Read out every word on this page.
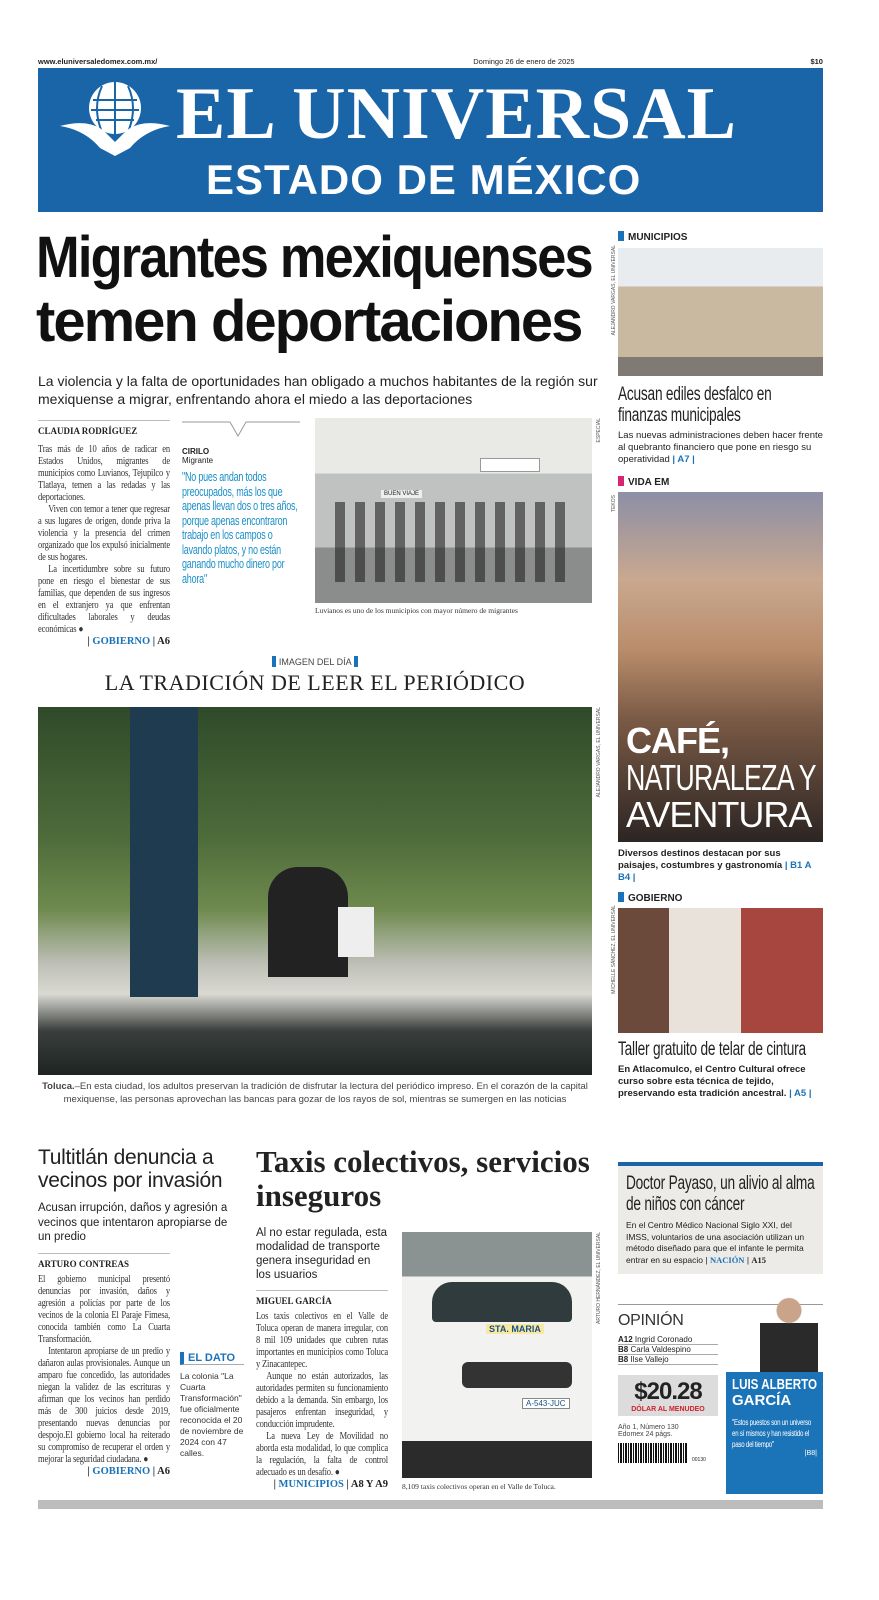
www.eluniversaledomex.com.mx/	Domingo 26 de enero de 2025	$10
EL UNIVERSAL
ESTADO DE MÉXICO
Migrantes mexiquenses
temen deportaciones
La violencia y la falta de oportunidades han obligado a muchos habitantes de la región sur mexiquense a migrar, enfrentando ahora el miedo a las deportaciones
CLAUDIA RODRÍGUEZ

Tras más de 10 años de radicar en Estados Unidos, migrantes de municipios como Luvianos, Tejupilco y Tlatlaya, temen a las redadas y las deportaciones.

Viven con temor a tener que regresar a sus lugares de origen, donde priva la violencia y la presencia del crimen organizado que los expulsó inicialmente de sus hogares.

La incertidumbre sobre su futuro pone en riesgo el bienestar de sus familias, que dependen de sus ingresos en el extranjero ya que enfrentan dificultades laborales y deudas económicas ●

| GOBIERNO | A6
CIRILO
Migrante
"No pues andan todos preocupados, más los que apenas llevan dos o tres años, porque apenas encontraron trabajo en los campos o lavando platos, y no están ganando mucho dinero por ahora"
BUEN VIAJE
ESPECIAL
Luvianos es uno de los municipios con mayor número de migrantes
IMAGEN DEL DÍA
LA TRADICIÓN DE LEER EL PERIÓDICO
ALEJANDRO VARGAS, EL UNIVERSAL
Toluca.–En esta ciudad, los adultos preservan la tradición de disfrutar la lectura del periódico impreso. En el corazón de la capital mexiquense, las personas aprovechan las bancas para gozar de los rayos de sol, mientras se sumergen en las noticias
Tultitlán denuncia a vecinos por invasión
Acusan irrupción, daños y agresión a vecinos que intentaron apropiarse de un predio
ARTURO CONTREAS

El gobierno municipal presentó denuncias por invasión, daños y agresión a policías por parte de los vecinos de la colonia El Paraje Fimesa, conocida también como La Cuarta Transformación.

Intentaron apropiarse de un predio y dañaron aulas provisionales. Aunque un amparo fue concedido, las autoridades niegan la validez de las escrituras y afirman que los vecinos han perdido más de 300 juicios desde 2019, presentando nuevas denuncias por despojo.El gobierno local ha reiterado su compromiso de recuperar el orden y mejorar la seguridad ciudadana. ●

| GOBIERNO | A6
EL DATO
La colonia "La Cuarta Transformación" fue oficialmente reconocida el 20 de noviembre de 2024 con 47 calles.
Taxis colectivos, servicios inseguros
Al no estar regulada, esta modalidad de transporte genera inseguridad en los usuarios
MIGUEL GARCÍA

Los taxis colectivos en el Valle de Toluca operan de manera irregular, con 8 mil 109 unidades que cubren rutas importantes en municipios como Toluca y Zinacantepec.

Aunque no están autorizados, las autoridades permiten su funcionamiento debido a la demanda. Sin embargo, los pasajeros enfrentan inseguridad, y conducción imprudente.

La nueva Ley de Movilidad no aborda esta modalidad, lo que complica la regulación, la falta de control adecuado es un desafío. ●

| MUNICIPIOS | A8 Y A9
STA. MARIA
A-543-JUC
ARTURO HERNÁNDEZ, EL UNIVERSAL
8,109 taxis colectivos operan en el Valle de Toluca.
MUNICIPIOS
Acusan ediles desfalco en finanzas municipales
Las nuevas administraciones deben hacer frente al quebranto financiero que pone en riesgo su operatividad | A7 |
VIDA EM
CAFÉ,
NATURALEZA Y
AVENTURA
Diversos destinos destacan por sus paisajes, costumbres y gastronomía | B1 A B4 |
GOBIERNO
Taller gratuito de telar de cintura
En Atlacomulco, el Centro Cultural ofrece curso sobre esta técnica de tejido, preservando esta tradición ancestral. | A5 |
ALEJANDRO VARGAS, EL UNIVERSAL
TEKOS
MICHELLE SÁNCHEZ, EL UNIVERSAL
Doctor Payaso, un alivio al alma de niños con cáncer
En el Centro Médico Nacional Siglo XXI, del IMSS, voluntarios de una asociación utilizan un método diseñado para que el infante le permita entrar en su espacio | NACIÓN | A15
OPINIÓN
A12 Ingrid Coronado
B8 Carla Valdespino
B8 Ilse Vallejo
$20.28
DÓLAR AL MENUDEO
Año 1, Número 130
Edomex 24 págs.
00130
LUIS ALBERTO
GARCÍA
"Estos puestos son un universo en sí mismos y han resistido el paso del tiempo"
|B8|
